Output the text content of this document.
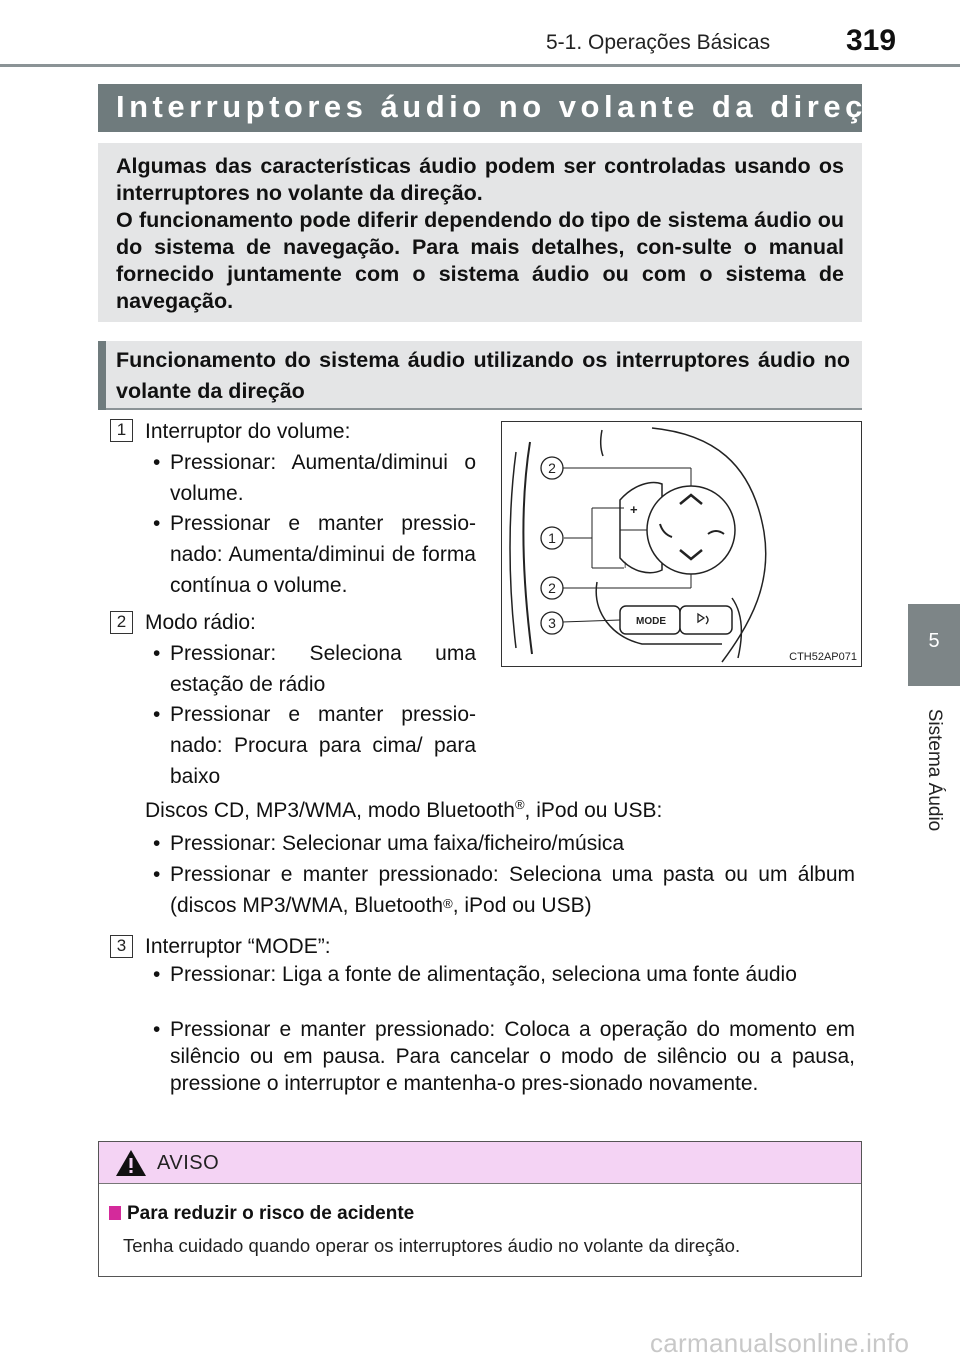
5-1. Operações Básicas	319
5
Sistema Áudio
Interruptores áudio no volante da direção

Algumas das características áudio podem ser controladas usando os interruptores no volante da direção.

O funcionamento pode diferir dependendo do tipo de sistema áudio ou do sistema de navegação. Para mais detalhes, con-sulte o manual fornecido juntamente com o sistema áudio ou com o sistema de navegação.

Funcionamento do sistema áudio utilizando os interruptores áudio no volante da direção
1 Interruptor do volume:
• Pressionar: Aumenta/diminui o volume.
• Pressionar e manter pressio-nado: Aumenta/diminui de forma contínua o volume.
2 Modo rádio:
• Pressionar: Seleciona uma estação de rádio
• Pressionar e manter pressio-nado: Procura para cima/ para baixo
Discos CD, MP3/WMA, modo Bluetooth®, iPod ou USB:
• Pressionar: Selecionar uma faixa/ficheiro/música
• Pressionar e manter pressionado: Seleciona uma pasta ou um álbum (discos MP3/WMA, Bluetooth®, iPod ou USB)
3 Interruptor “MODE”:
• Pressionar: Liga a fonte de alimentação, seleciona uma fonte áudio
• Pressionar e manter pressionado: Coloca a operação do momento em silêncio ou em pausa. Para cancelar o modo de silêncio ou a pausa, pressione o interruptor e mantenha-o pres-sionado novamente.
+
–
MODE
2
1
2
3
CTH52AP071
AVISO
Para reduzir o risco de acidente
Tenha cuidado quando operar os interruptores áudio no volante da direção.
carmanualsonline.info
